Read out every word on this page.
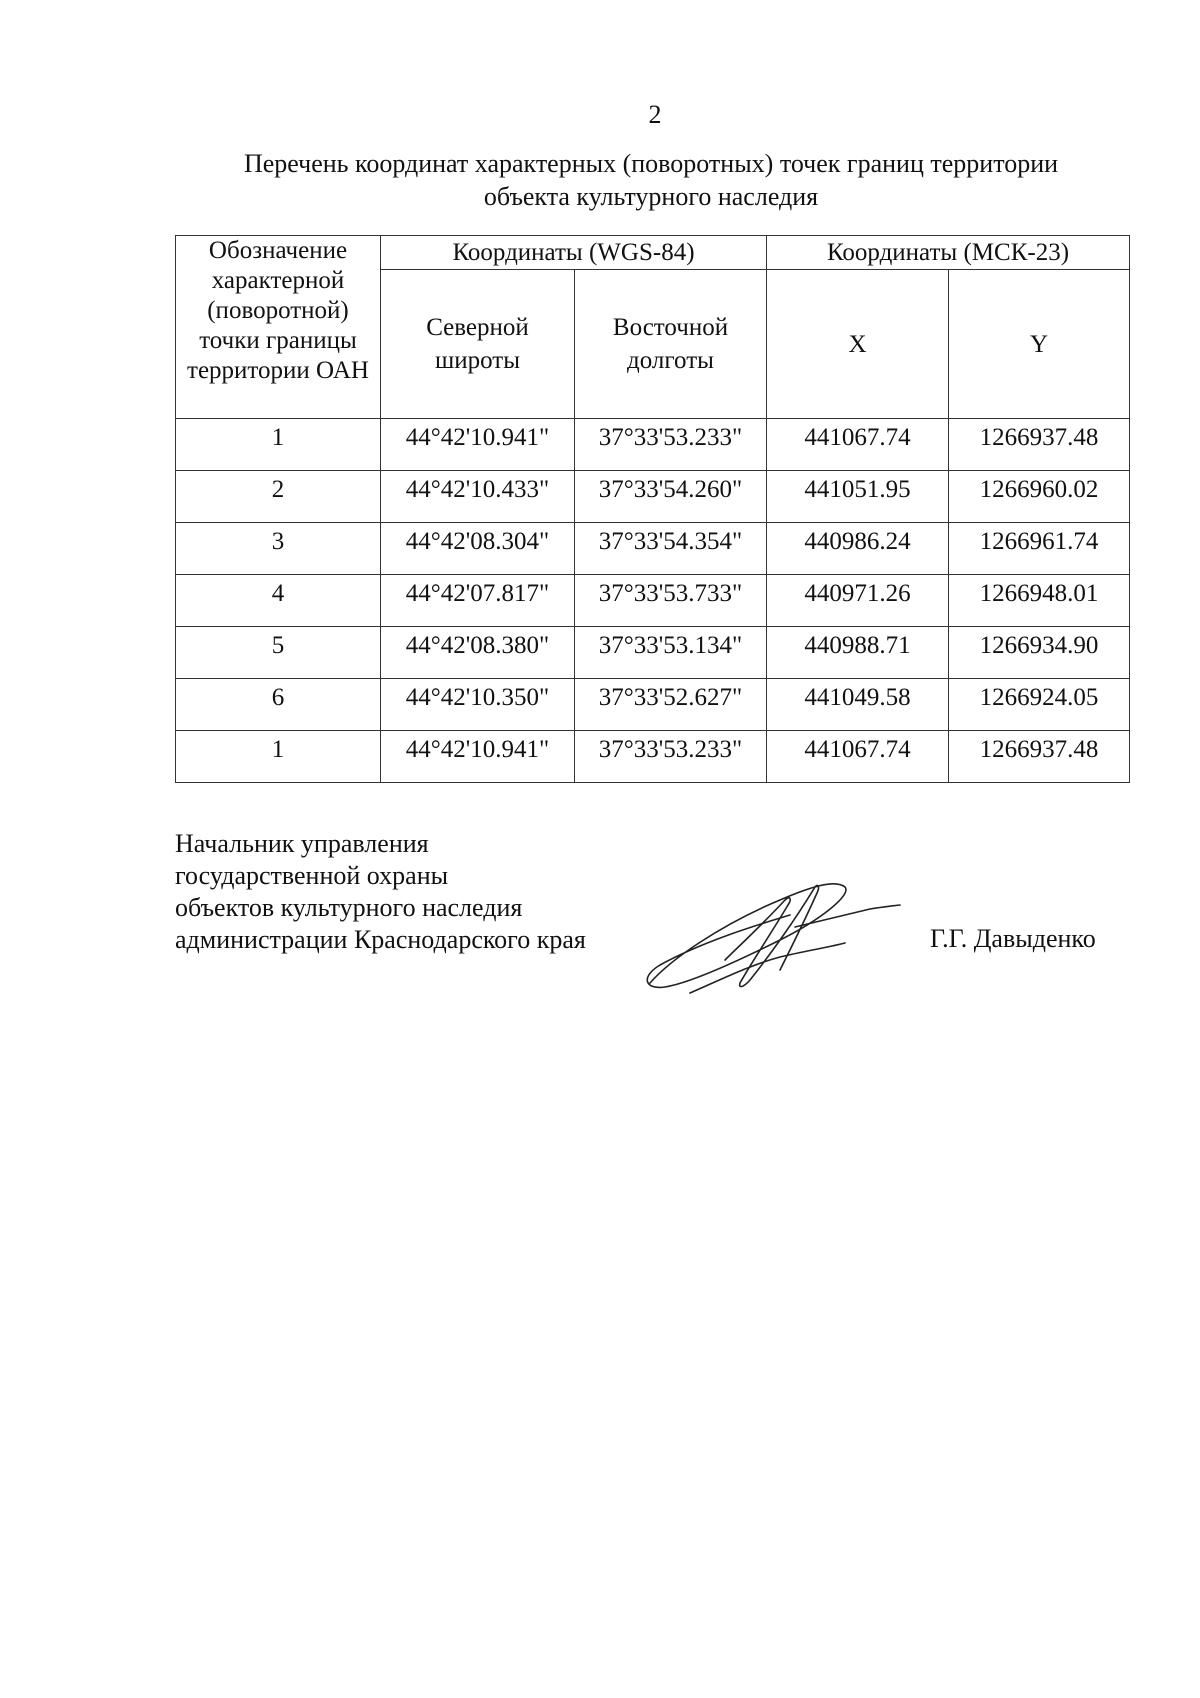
2
Перечень координат характерных (поворотных) точек границ территории
объекта культурного наследия
Обозначение характерной (поворотной) точки границы территории ОАН	Координаты (WGS-84)		Координаты (МСК-23)	
	Северной широты	Восточной долготы	X	Y
1	44°42'10.941"	37°33'53.233"	441067.74	1266937.48
2	44°42'10.433"	37°33'54.260"	441051.95	1266960.02
3	44°42'08.304"	37°33'54.354"	440986.24	1266961.74
4	44°42'07.817"	37°33'53.733"	440971.26	1266948.01
5	44°42'08.380"	37°33'53.134"	440988.71	1266934.90
6	44°42'10.350"	37°33'52.627"	441049.58	1266924.05
1	44°42'10.941"	37°33'53.233"	441067.74	1266937.48
Начальник управления
государственной охраны
объектов культурного наследия
администрации Краснодарского края	Г.Г. Давыденко
